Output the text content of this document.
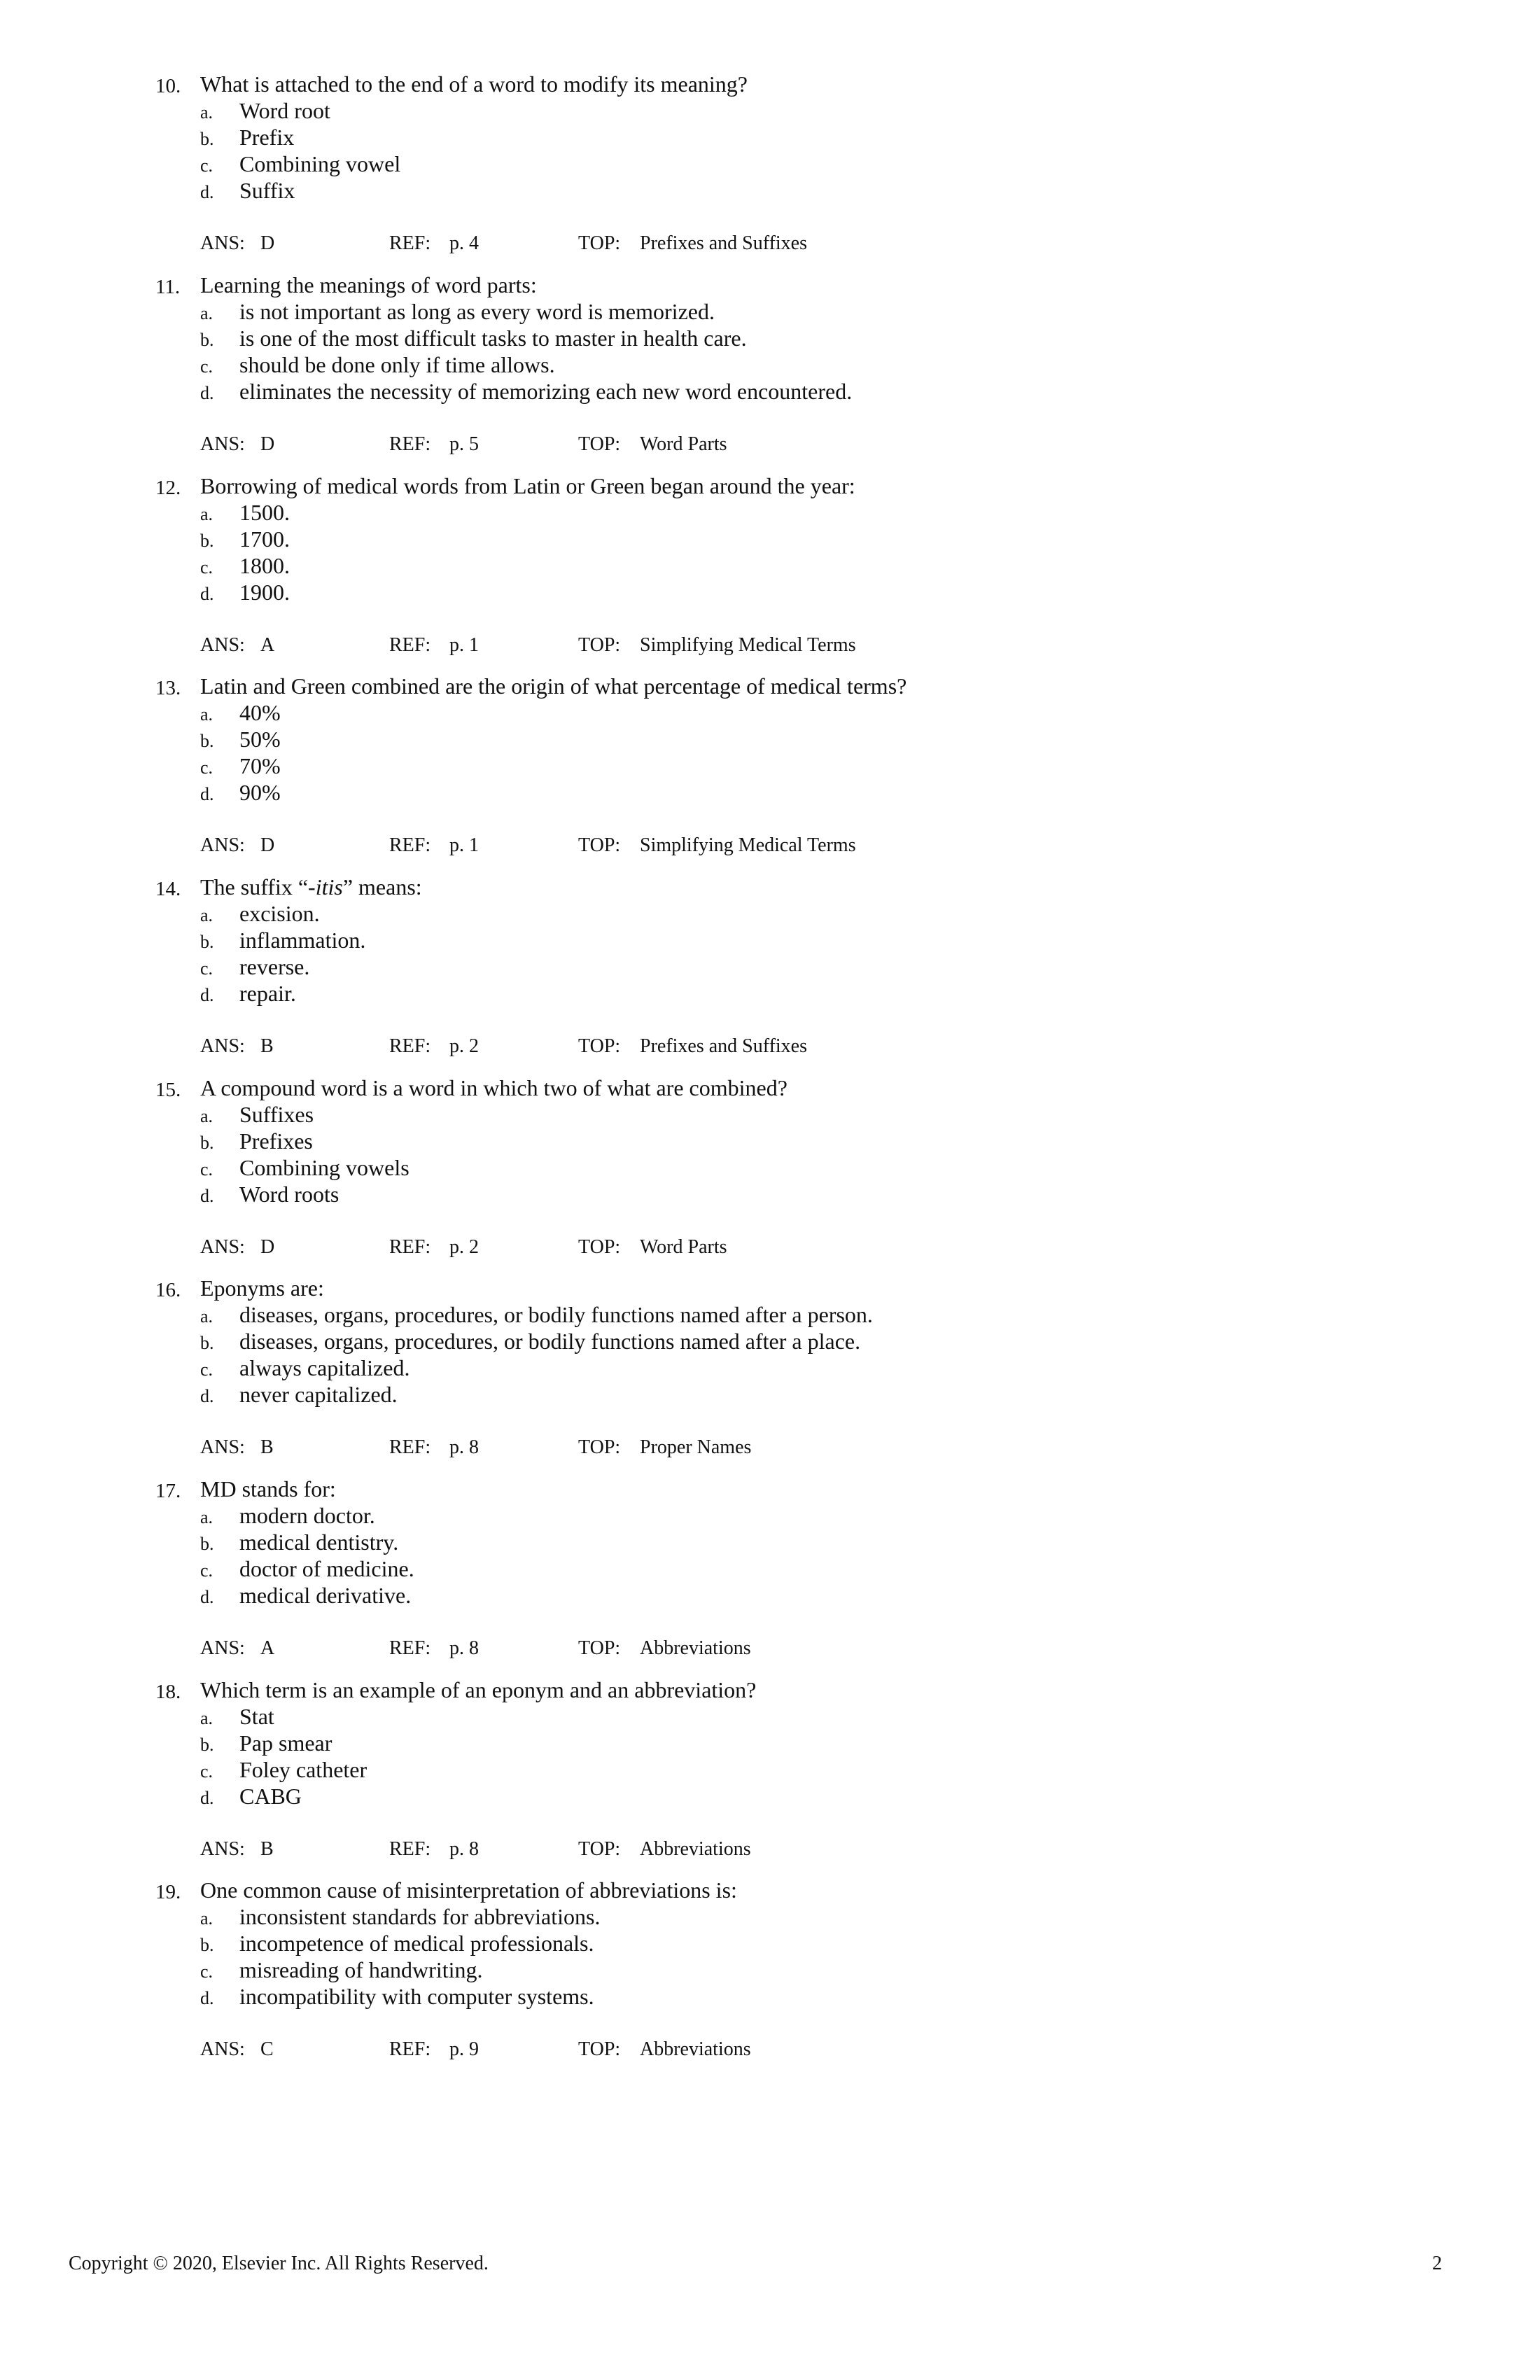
10. What is attached to the end of a word to modify its meaning?
a. Word root
b. Prefix
c. Combining vowel
d. Suffix
ANS: D	REF: p. 4	TOP: Prefixes and Suffixes
11. Learning the meanings of word parts:
a. is not important as long as every word is memorized.
b. is one of the most difficult tasks to master in health care.
c. should be done only if time allows.
d. eliminates the necessity of memorizing each new word encountered.
ANS: D	REF: p. 5	TOP: Word Parts
12. Borrowing of medical words from Latin or Green began around the year:
a. 1500.
b. 1700.
c. 1800.
d. 1900.
ANS: A	REF: p. 1	TOP: Simplifying Medical Terms
13. Latin and Green combined are the origin of what percentage of medical terms?
a. 40%
b. 50%
c. 70%
d. 90%
ANS: D	REF: p. 1	TOP: Simplifying Medical Terms
14. The suffix “-itis” means:
a. excision.
b. inflammation.
c. reverse.
d. repair.
ANS: B	REF: p. 2	TOP: Prefixes and Suffixes
15. A compound word is a word in which two of what are combined?
a. Suffixes
b. Prefixes
c. Combining vowels
d. Word roots
ANS: D	REF: p. 2	TOP: Word Parts
16. Eponyms are:
a. diseases, organs, procedures, or bodily functions named after a person.
b. diseases, organs, procedures, or bodily functions named after a place.
c. always capitalized.
d. never capitalized.
ANS: B	REF: p. 8	TOP: Proper Names
17. MD stands for:
a. modern doctor.
b. medical dentistry.
c. doctor of medicine.
d. medical derivative.
ANS: A	REF: p. 8	TOP: Abbreviations
18. Which term is an example of an eponym and an abbreviation?
a. Stat
b. Pap smear
c. Foley catheter
d. CABG
ANS: B	REF: p. 8	TOP: Abbreviations
19. One common cause of misinterpretation of abbreviations is:
a. inconsistent standards for abbreviations.
b. incompetence of medical professionals.
c. misreading of handwriting.
d. incompatibility with computer systems.
ANS: C	REF: p. 9	TOP: Abbreviations
Copyright © 2020, Elsevier Inc. All Rights Reserved.	2
